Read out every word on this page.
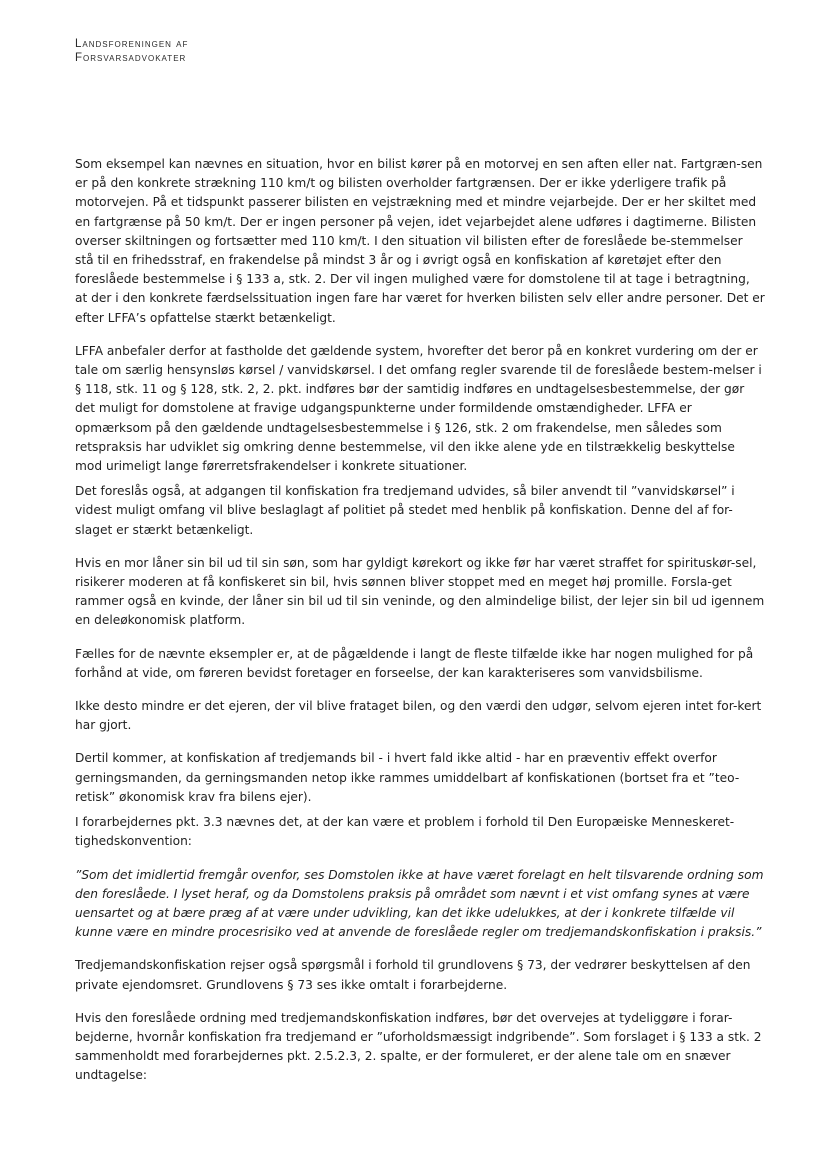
Landsforeningen af
Forsvarsadvokater

Som eksempel kan nævnes en situation, hvor en bilist kører på en motorvej en sen aften eller nat. Fartgræn-sen er på den konkrete strækning 110 km/t og bilisten overholder fartgrænsen. Der er ikke yderligere trafik på motorvejen. På et tidspunkt passerer bilisten en vejstrækning med et mindre vejarbejde. Der er her skiltet med en fartgrænse på 50 km/t. Der er ingen personer på vejen, idet vejarbejdet alene udføres i dagtimerne. Bilisten overser skiltningen og fortsætter med 110 km/t. I den situation vil bilisten efter de foreslåede be-stemmelser stå til en frihedsstraf, en frakendelse på mindst 3 år og i øvrigt også en konfiskation af køretøjet efter den foreslåede bestemmelse i § 133 a, stk. 2. Der vil ingen mulighed være for domstolene til at tage i betragtning, at der i den konkrete færdselssituation ingen fare har været for hverken bilisten selv eller andre personer. Det er efter LFFA’s opfattelse stærkt betænkeligt.

LFFA anbefaler derfor at fastholde det gældende system, hvorefter det beror på en konkret vurdering om der er tale om særlig hensynsløs kørsel / vanvidskørsel. I det omfang regler svarende til de foreslåede bestem-melser i § 118, stk. 11 og § 128, stk. 2, 2. pkt. indføres bør der samtidig indføres en undtagelsesbestemmelse, der gør det muligt for domstolene at fravige udgangspunkterne under formildende omstændigheder. LFFA er opmærksom på den gældende undtagelsesbestemmelse i § 126, stk. 2 om frakendelse, men således som retspraksis har udviklet sig omkring denne bestemmelse, vil den ikke alene yde en tilstrækkelig beskyttelse mod urimeligt lange førerretsfrakendelser i konkrete situationer.

Det foreslås også, at adgangen til konfiskation fra tredjemand udvides, så biler anvendt til ”vanvidskørsel” i videst muligt omfang vil blive beslaglagt af politiet på stedet med henblik på konfiskation. Denne del af for-slaget er stærkt betænkeligt.

Hvis en mor låner sin bil ud til sin søn, som har gyldigt kørekort og ikke før har været straffet for spirituskør-sel, risikerer moderen at få konfiskeret sin bil, hvis sønnen bliver stoppet med en meget høj promille. Forsla-get rammer også en kvinde, der låner sin bil ud til sin veninde, og den almindelige bilist, der lejer sin bil ud igennem en deleøkonomisk platform.

Fælles for de nævnte eksempler er, at de pågældende i langt de fleste tilfælde ikke har nogen mulighed for på forhånd at vide, om føreren bevidst foretager en forseelse, der kan karakteriseres som vanvidsbilisme.

Ikke desto mindre er det ejeren, der vil blive frataget bilen, og den værdi den udgør, selvom ejeren intet for-kert har gjort.

Dertil kommer, at konfiskation af tredjemands bil - i hvert fald ikke altid - har en præventiv effekt overfor gerningsmanden, da gerningsmanden netop ikke rammes umiddelbart af konfiskationen (bortset fra et ”teo-retisk” økonomisk krav fra bilens ejer).

I forarbejdernes pkt. 3.3 nævnes det, at der kan være et problem i forhold til Den Europæiske Menneskeret-tighedskonvention:

”Som det imidlertid fremgår ovenfor, ses Domstolen ikke at have været forelagt en helt tilsvarende ordning som den foreslåede. I lyset heraf, og da Domstolens praksis på området som nævnt i et vist omfang synes at være uensartet og at bære præg af at være under udvikling, kan det ikke udelukkes, at der i konkrete tilfælde vil kunne være en mindre procesrisiko ved at anvende de foreslåede regler om tredjemandskonfiskation i praksis.”

Tredjemandskonfiskation rejser også spørgsmål i forhold til grundlovens § 73, der vedrører beskyttelsen af den private ejendomsret. Grundlovens § 73 ses ikke omtalt i forarbejderne.

Hvis den foreslåede ordning med tredjemandskonfiskation indføres, bør det overvejes at tydeliggøre i forar-bejderne, hvornår konfiskation fra tredjemand er ”uforholdsmæssigt indgribende”. Som forslaget i § 133 a stk. 2 sammenholdt med forarbejdernes pkt. 2.5.2.3, 2. spalte, er der formuleret, er der alene tale om en snæver undtagelse:
